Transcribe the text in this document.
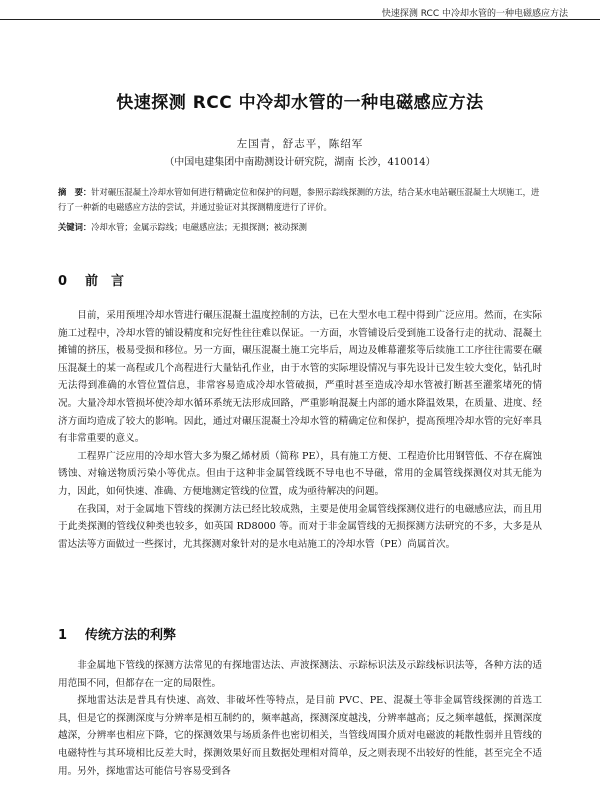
快速探测 RCC 中冷却水管的一种电磁感应方法
快速探测 RCC 中冷却水管的一种电磁感应方法
左国青，舒志平，陈绍军
（中国电建集团中南勘测设计研究院，湖南 长沙，410014）
摘　要：针对碾压混凝土冷却水管如何进行精确定位和保护的问题，参照示踪线探测的方法，结合某水电站碾压混凝土大坝施工，进行了一种新的电磁感应方法的尝试，并通过验证对其探测精度进行了评价。
关键词：冷却水管；金属示踪线；电磁感应法；无损探测；被动探测
0 前　言

目前，采用预埋冷却水管进行碾压混凝土温度控制的方法，已在大型水电工程中得到广泛应用。然而，在实际施工过程中，冷却水管的铺设精度和完好性往往难以保证。一方面，水管铺设后受到施工设备行走的扰动、混凝土摊铺的挤压，极易受损和移位。另一方面，碾压混凝土施工完毕后，周边及帷幕灌浆等后续施工工序往往需要在碾压混凝土的某一高程或几个高程进行大量钻孔作业，由于水管的实际埋设情况与事先设计已发生较大变化，钻孔时无法得到准确的水管位置信息，非常容易造成冷却水管破损，严重时甚至造成冷却水管被打断甚至灌浆堵死的情况。大量冷却水管损坏使冷却水循环系统无法形成回路，严重影响混凝土内部的通水降温效果，在质量、进度、经济方面均造成了较大的影响。因此，通过对碾压混凝土冷却水管的精确定位和保护，提高预埋冷却水管的完好率具有非常重要的意义。

工程界广泛应用的冷却水管大多为聚乙烯材质（简称 PE），具有施工方便、工程造价比用钢管低、不存在腐蚀锈蚀、对输送物质污染小等优点。但由于这种非金属管线既不导电也不导磁，常用的金属管线探测仪对其无能为力，因此，如何快速、准确、方便地测定管线的位置，成为亟待解决的问题。

在我国，对于金属地下管线的探测方法已经比较成熟，主要是使用金属管线探测仪进行的电磁感应法，而且用于此类探测的管线仪种类也较多，如英国 RD8000 等。而对于非金属管线的无损探测方法研究的不多，大多是从雷达法等方面做过一些探讨，尤其探测对象针对的是水电站施工的冷却水管（PE）尚属首次。

1 传统方法的利弊

非金属地下管线的探测方法常见的有探地雷达法、声波探测法、示踪标识法及示踪线标识法等，各种方法的适用范围不同，但都存在一定的局限性。

探地雷达法是普具有快速、高效、非破坏性等特点，是目前 PVC、PE、混凝土等非金属管线探测的首选工具，但是它的探测深度与分辨率是相互制约的，频率越高，探测深度越浅，分辨率越高；反之频率越低，探测深度越深，分辨率也相应下降，它的探测效果与场质条件也密切相关，当管线周围介质对电磁波的耗散性弱并且管线的电磁特性与其环境相比反差大时，探测效果好而且数据处理相对简单，反之则表现不出较好的性能，甚至完全不适用。另外，探地雷达可能信号容易受到各
